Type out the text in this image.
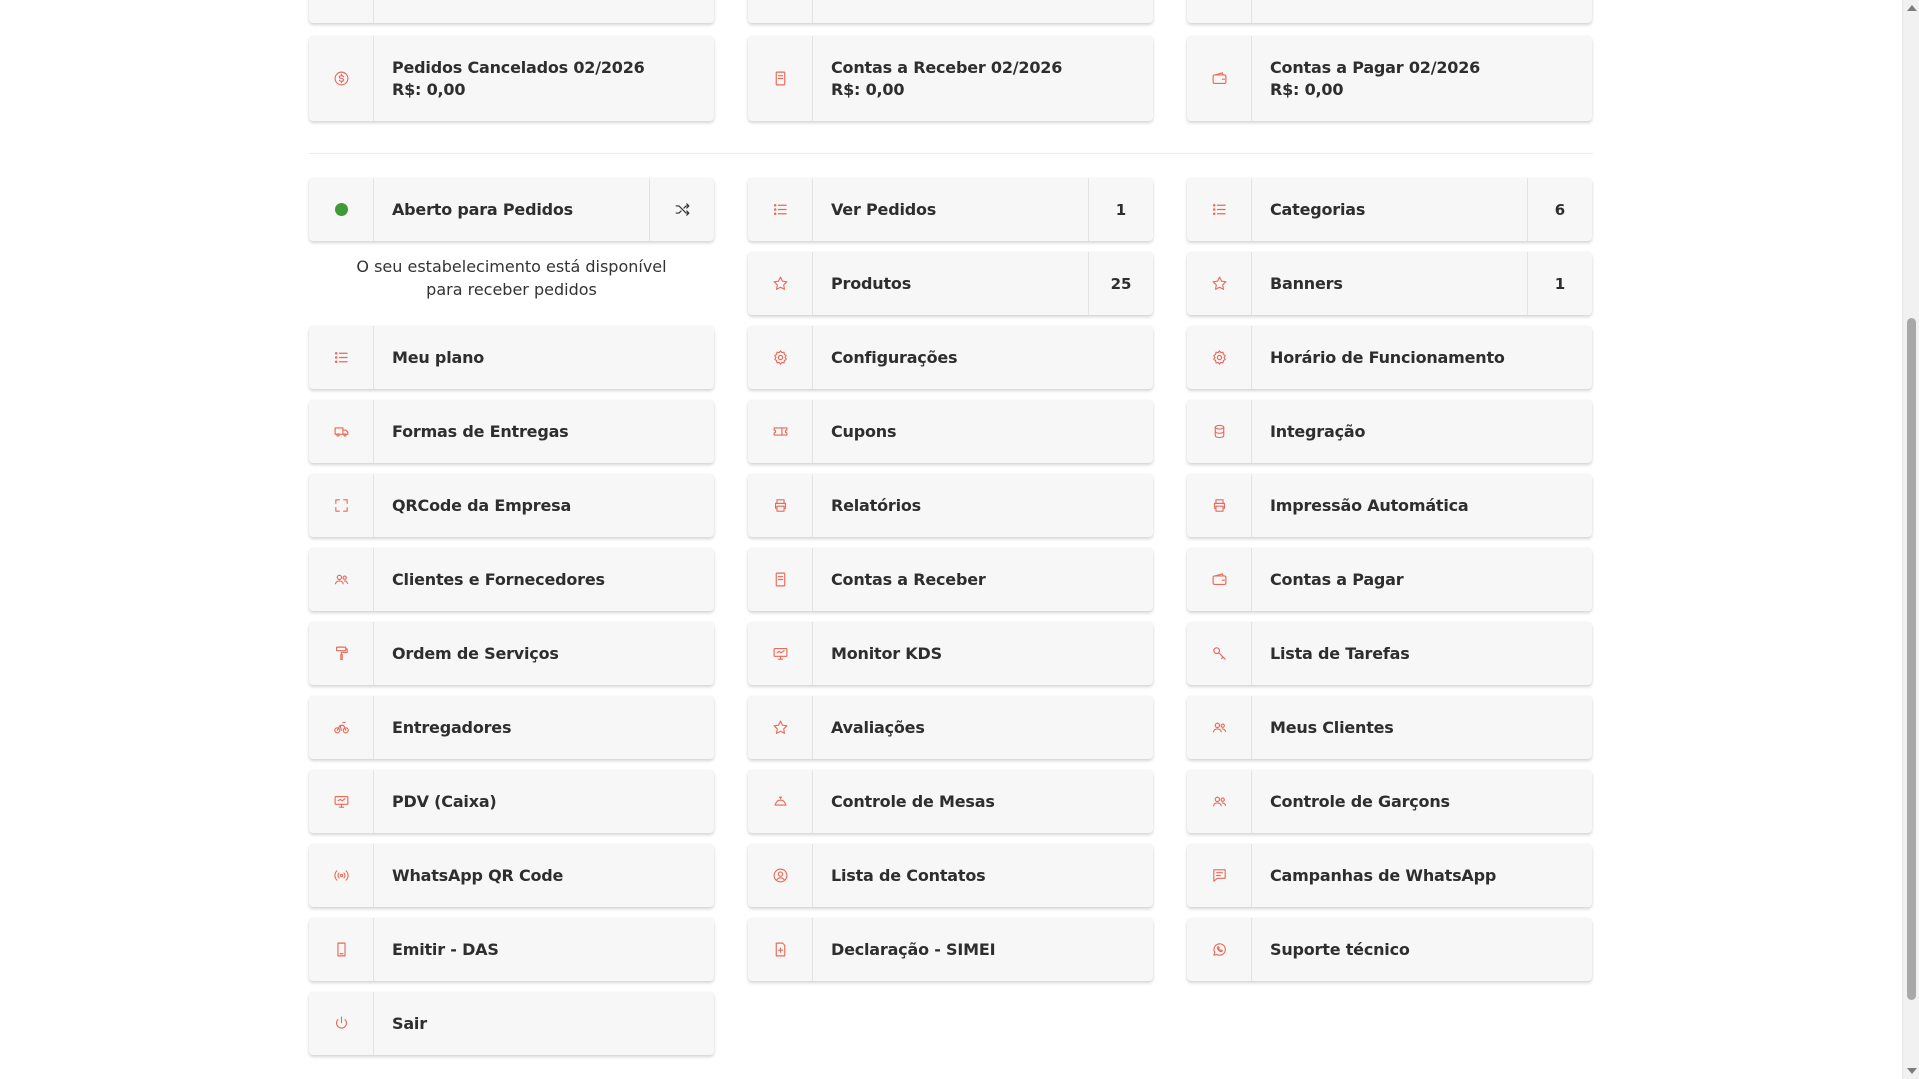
Pedidos Cancelados 02/2026
R$: 0,00
Contas a Receber 02/2026
R$: 0,00
Contas a Pagar 02/2026
R$: 0,00
Aberto para Pedidos
O seu estabelecimento está disponível
para receber pedidos
Ver Pedidos	1	Categorias	6
Produtos	25	Banners	1
Meu plano	Configurações	Horário de Funcionamento
Formas de Entregas	Cupons	Integração
QRCode da Empresa	Relatórios	Impressão Automática
Clientes e Fornecedores	Contas a Receber	Contas a Pagar
Ordem de Serviços	Monitor KDS	Lista de Tarefas
Entregadores	Avaliações	Meus Clientes
PDV (Caixa)	Controle de Mesas	Controle de Garçons
WhatsApp QR Code	Lista de Contatos	Campanhas de WhatsApp
Emitir - DAS	Declaração - SIMEI	Suporte técnico
Sair
